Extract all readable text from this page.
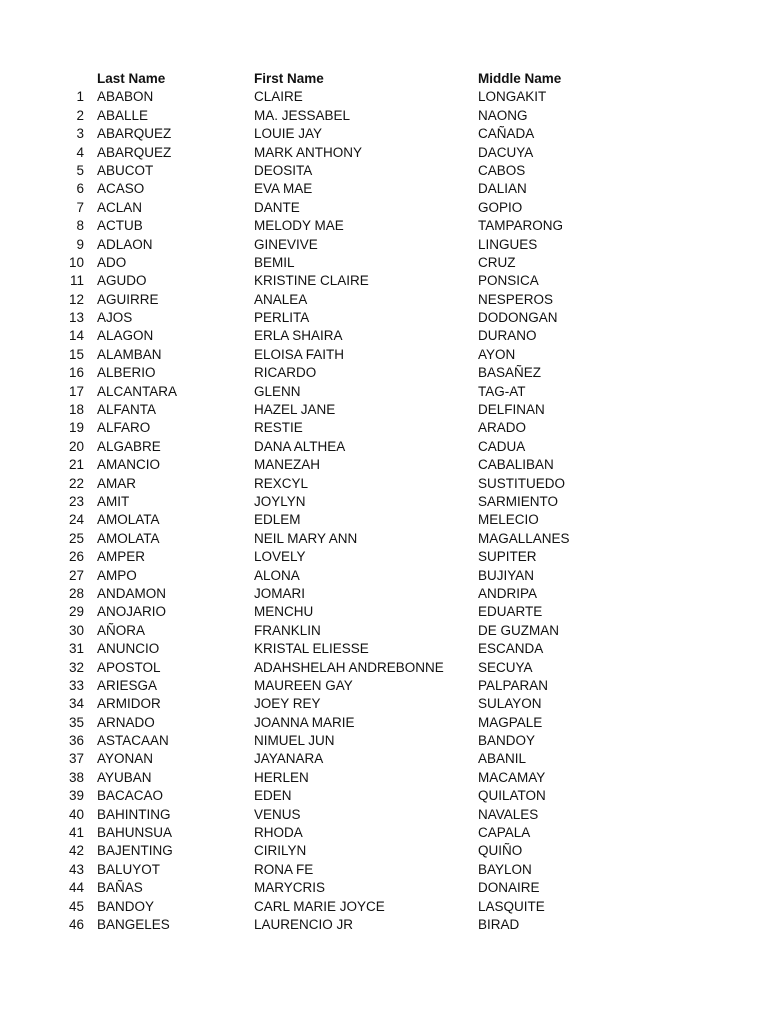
Last Name	First Name	Middle Name
1 ABABON	CLAIRE	LONGAKIT
2 ABALLE	MA. JESSABEL	NAONG
3 ABARQUEZ	LOUIE JAY	CAÑADA
4 ABARQUEZ	MARK ANTHONY	DACUYA
5 ABUCOT	DEOSITA	CABOS
6 ACASO	EVA MAE	DALIAN
7 ACLAN	DANTE	GOPIO
8 ACTUB	MELODY MAE	TAMPARONG
9 ADLAON	GINEVIVE	LINGUES
10 ADO	BEMIL	CRUZ
11 AGUDO	KRISTINE CLAIRE	PONSICA
12 AGUIRRE	ANALEA	NESPEROS
13 AJOS	PERLITA	DODONGAN
14 ALAGON	ERLA SHAIRA	DURANO
15 ALAMBAN	ELOISA FAITH	AYON
16 ALBERIO	RICARDO	BASAÑEZ
17 ALCANTARA	GLENN	TAG-AT
18 ALFANTA	HAZEL JANE	DELFINAN
19 ALFARO	RESTIE	ARADO
20 ALGABRE	DANA ALTHEA	CADUA
21 AMANCIO	MANEZAH	CABALIBAN
22 AMAR	REXCYL	SUSTITUEDO
23 AMIT	JOYLYN	SARMIENTO
24 AMOLATA	EDLEM	MELECIO
25 AMOLATA	NEIL MARY ANN	MAGALLANES
26 AMPER	LOVELY	SUPITER
27 AMPO	ALONA	BUJIYAN
28 ANDAMON	JOMARI	ANDRIPA
29 ANOJARIO	MENCHU	EDUARTE
30 AÑORA	FRANKLIN	DE GUZMAN
31 ANUNCIO	KRISTAL ELIESSE	ESCANDA
32 APOSTOL	ADAHSHELAH ANDREBONNE	SECUYA
33 ARIESGA	MAUREEN GAY	PALPARAN
34 ARMIDOR	JOEY REY	SULAYON
35 ARNADO	JOANNA MARIE	MAGPALE
36 ASTACAAN	NIMUEL JUN	BANDOY
37 AYONAN	JAYANARA	ABANIL
38 AYUBAN	HERLEN	MACAMAY
39 BACACAO	EDEN	QUILATON
40 BAHINTING	VENUS	NAVALES
41 BAHUNSUA	RHODA	CAPALA
42 BAJENTING	CIRILYN	QUIÑO
43 BALUYOT	RONA FE	BAYLON
44 BAÑAS	MARYCRIS	DONAIRE
45 BANDOY	CARL MARIE JOYCE	LASQUITE
46 BANGELES	LAURENCIO JR	BIRAD
